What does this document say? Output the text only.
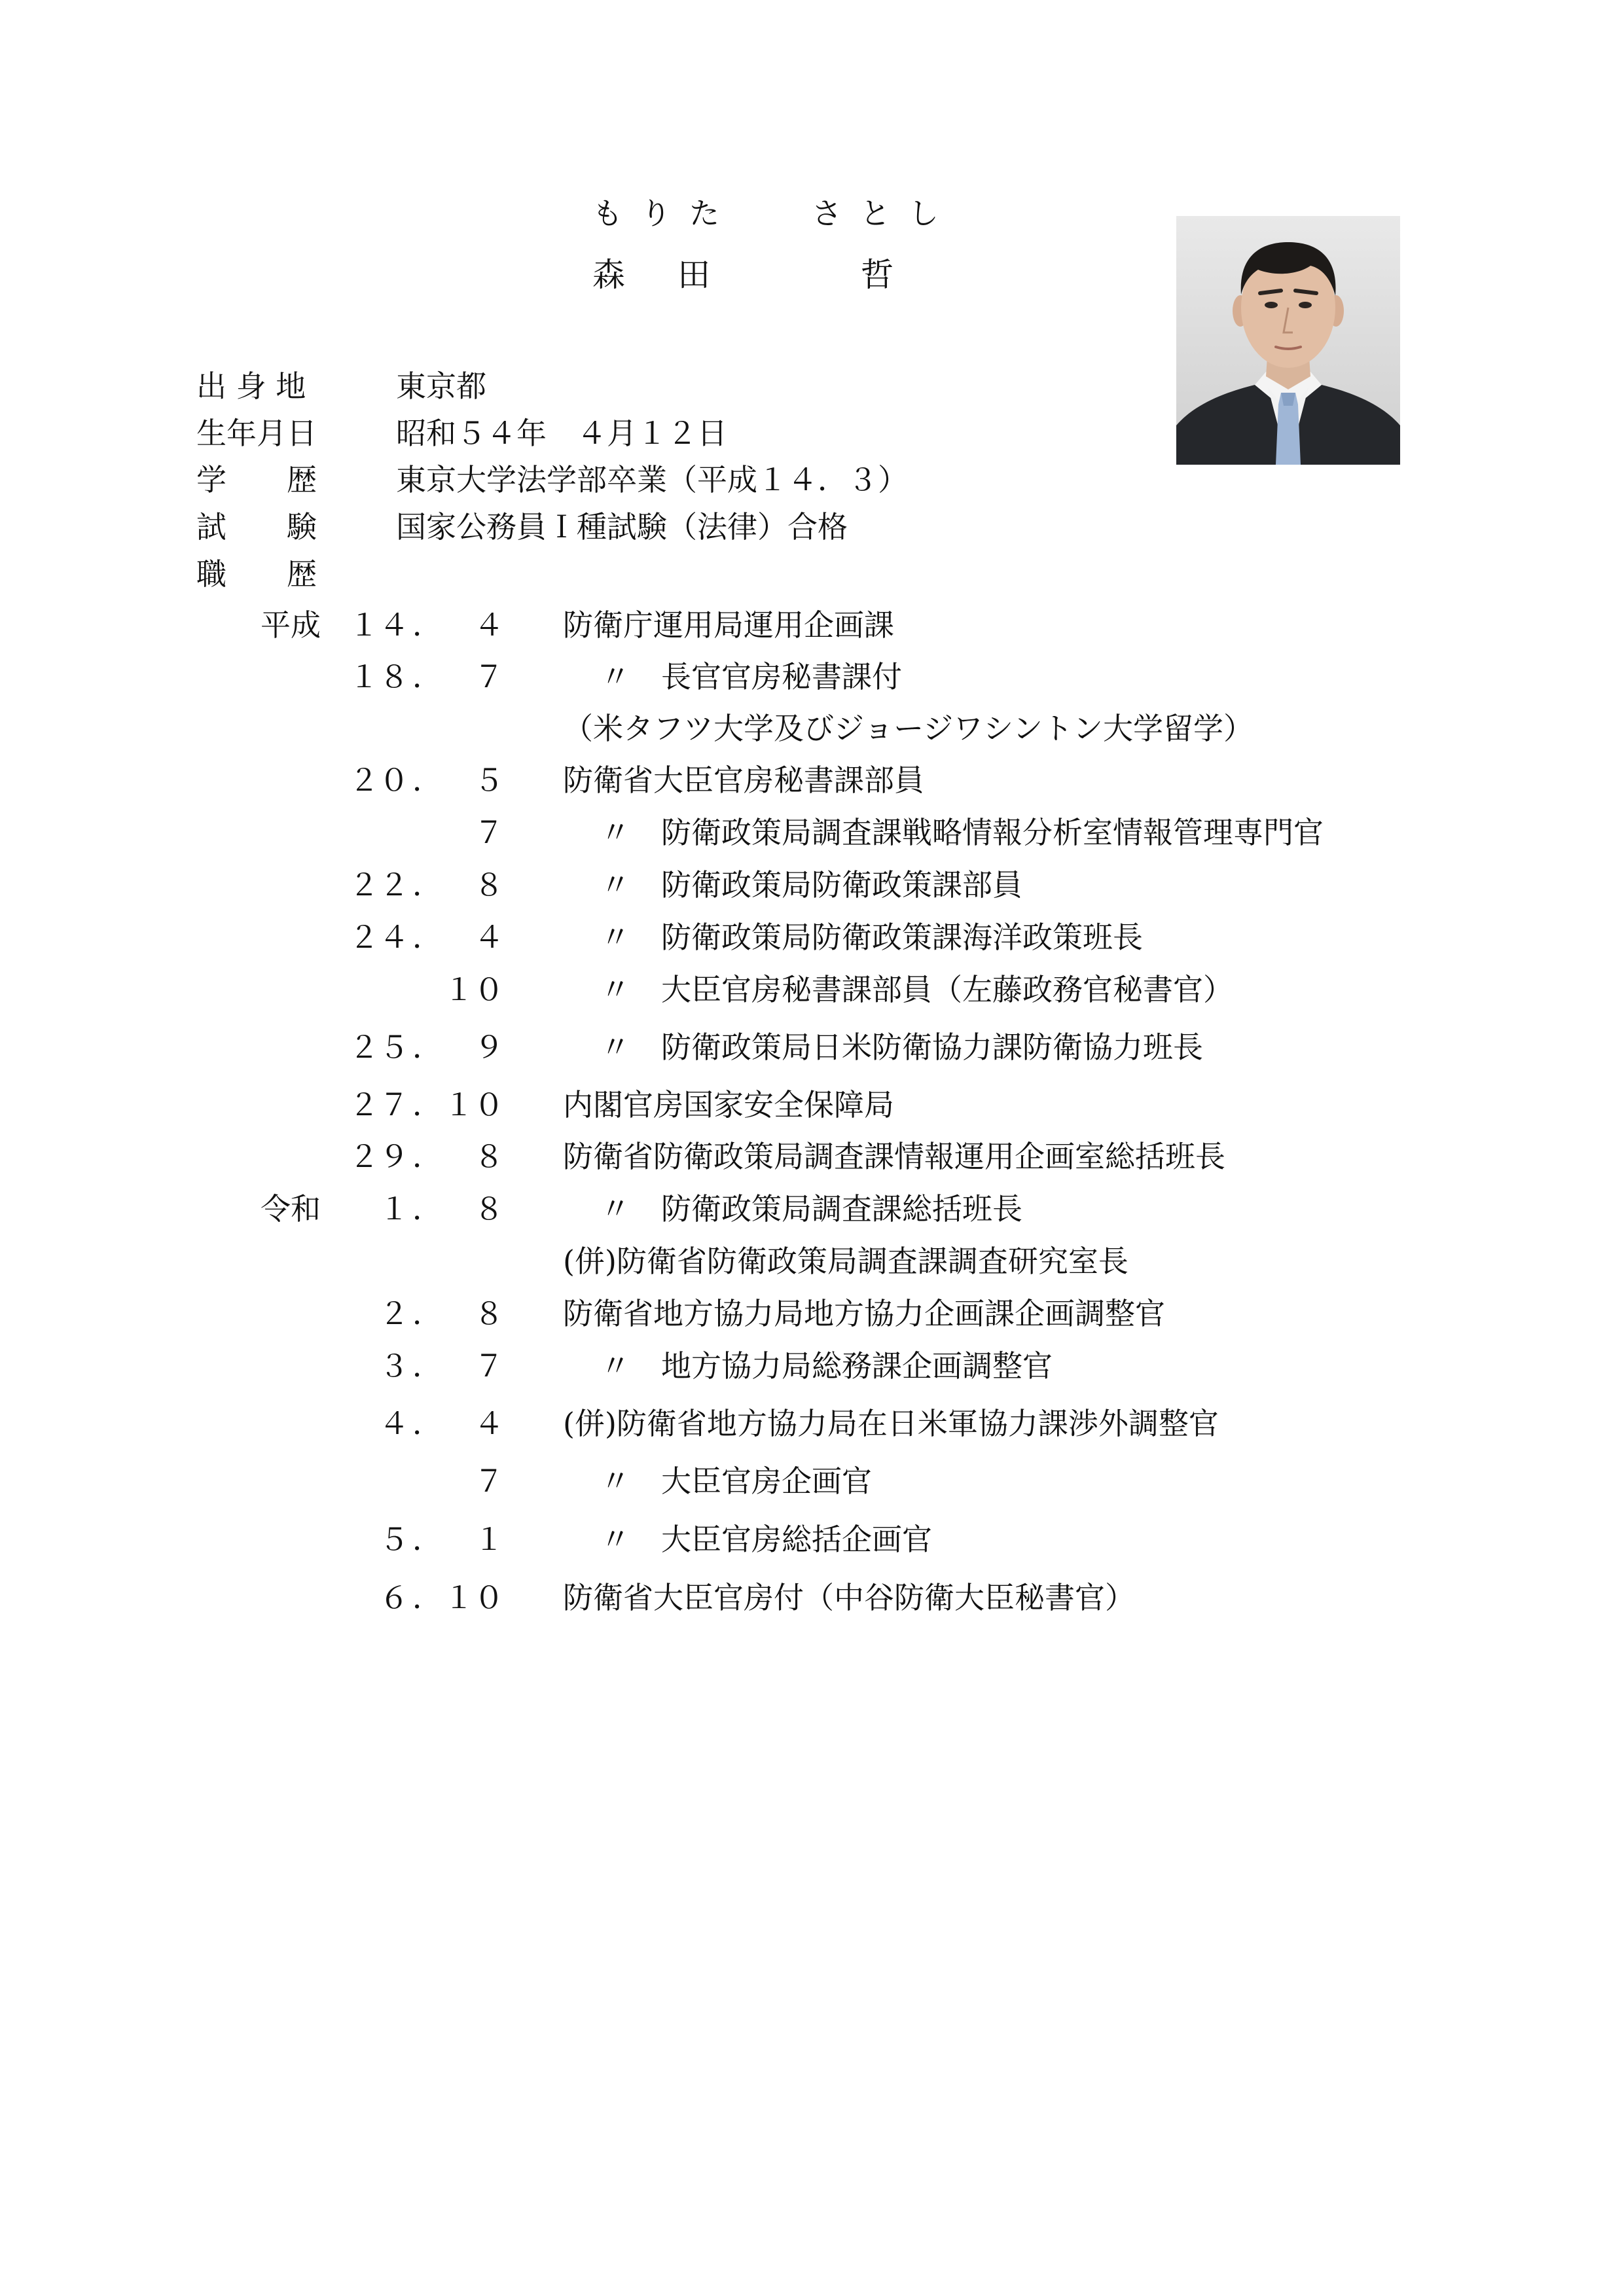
もりた さとし
森田	哲
出 身 地	東京都
生年月日	昭和５４年　４月１２日
学　　歴	東京大学法学部卒業（平成１４．３）
試　　験	国家公務員Ｉ種試験（法律）合格
職　　歴
平成 １４ ．	４ 防衛庁運用局運用企画課
１８ ．	７	〃 長官官房秘書課付
（米タフツ大学及びジョージワシントン大学留学）
２０ ．	５ 防衛省大臣官房秘書課部員
７	〃 防衛政策局調査課戦略情報分析室情報管理専門官
２２ ．	８	〃 防衛政策局防衛政策課部員
２４ ．	４	〃 防衛政策局防衛政策課海洋政策班長
１０	〃 大臣官房秘書課部員（左藤政務官秘書官）
２５ ．	９	〃 防衛政策局日米防衛協力課防衛協力班長
２７ ． １０ 内閣官房国家安全保障局
２９ ．	８ 防衛省防衛政策局調査課情報運用企画室総括班長
令和	１ ．	８	〃 防衛政策局調査課総括班長
(併)防衛省防衛政策局調査課調査研究室長
２ ．	８ 防衛省地方協力局地方協力企画課企画調整官
３ ．	７	〃 地方協力局総務課企画調整官
４ ．	４ (併)防衛省地方協力局在日米軍協力課渉外調整官
７	〃 大臣官房企画官
５ ．	１	〃 大臣官房総括企画官
６ ． １０ 防衛省大臣官房付（中谷防衛大臣秘書官）
